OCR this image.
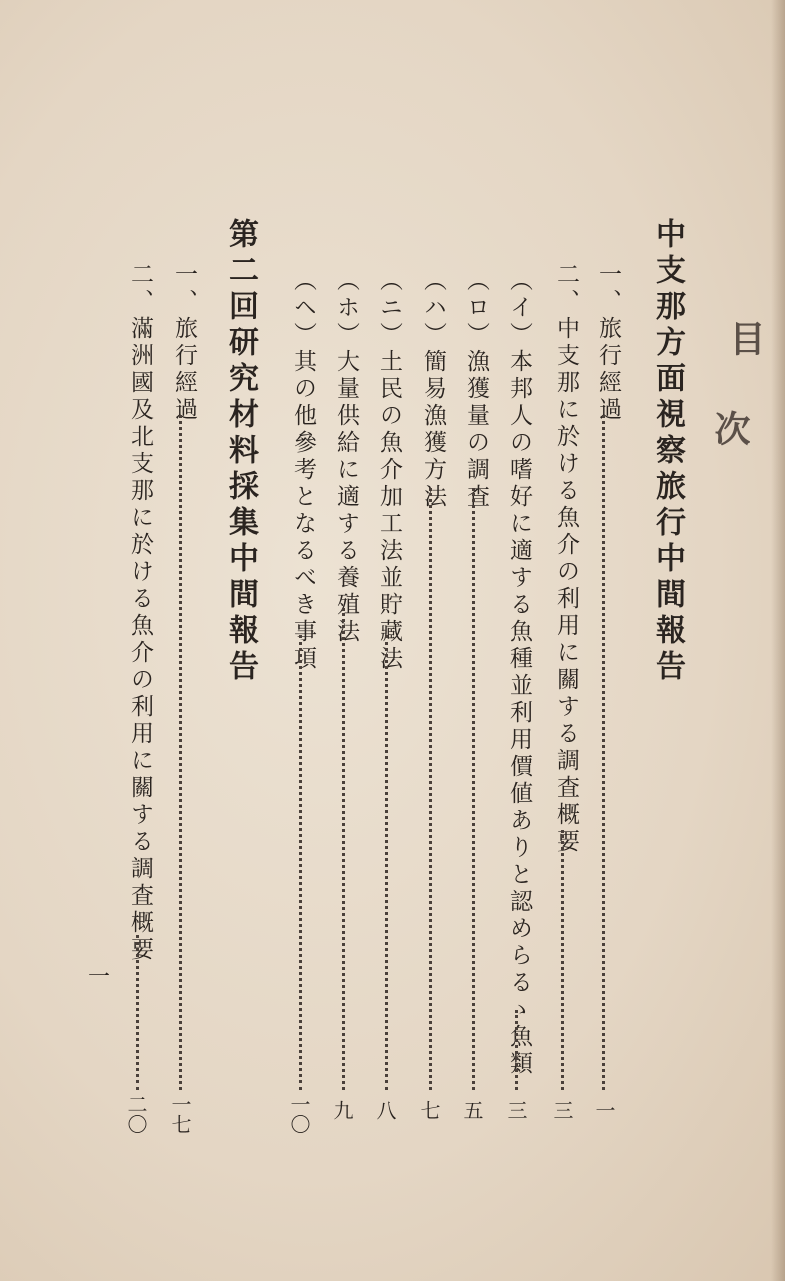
目
次
中支那方面視察旅行中間報告
一、旅行經過
一
二、中支那に於ける魚介の利用に關する調査概要
三
（イ）本邦人の嗜好に適する魚種並利用價値ありと認めらるゝ魚類
三
（ロ）漁獲量の調査
五
（ハ）簡易漁獲方法
七
（ニ）土民の魚介加工法並貯藏法
八
（ホ）大量供給に適する養殖法
九
（ヘ）其の他參考となるべき事項
一〇
第二回研究材料採集中間報告
一、旅行經過
一七
二、滿洲國及北支那に於ける魚介の利用に關する調査概要
二〇
一
